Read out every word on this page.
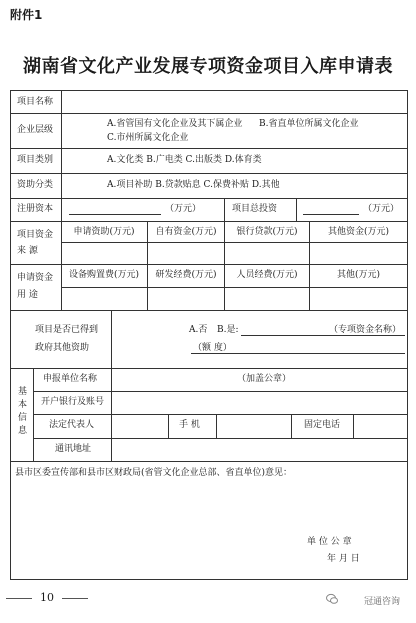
附件1
湖南省文化产业发展专项资金项目入库申请表
项目名称
企业层级
A.省管国有文化企业及其下属企业 B.省直单位所属文化企业
C.市州所属文化企业
项目类别	A.文化类 B.广电类 C.出版类 D.体育类
资助分类	A.项目补助 B.贷款贴息 C.保费补贴 D.其他
注册资本	（万元）	项目总投资	（万元）
项目资金
来 源
申请资助(万元)	自有资金(万元)	银行贷款(万元)	其他资金(万元)
申请资金
用 途
设备购置费(万元)	研发经费(万元)	人员经费(万元)	其他(万元)
项目是否已得到
政府其他资助
A.否 B.是:	（专项资金名称）
（额 度）
基
本
信
息
申报单位名称	（加盖公章）
开户银行及账号
法定代表人	手 机	固定电话
通讯地址
县市区委宣传部和县市区财政局(省管文化企业总部、省直单位)意见：
单 位 公 章
年 月 日
10	冠通咨询
